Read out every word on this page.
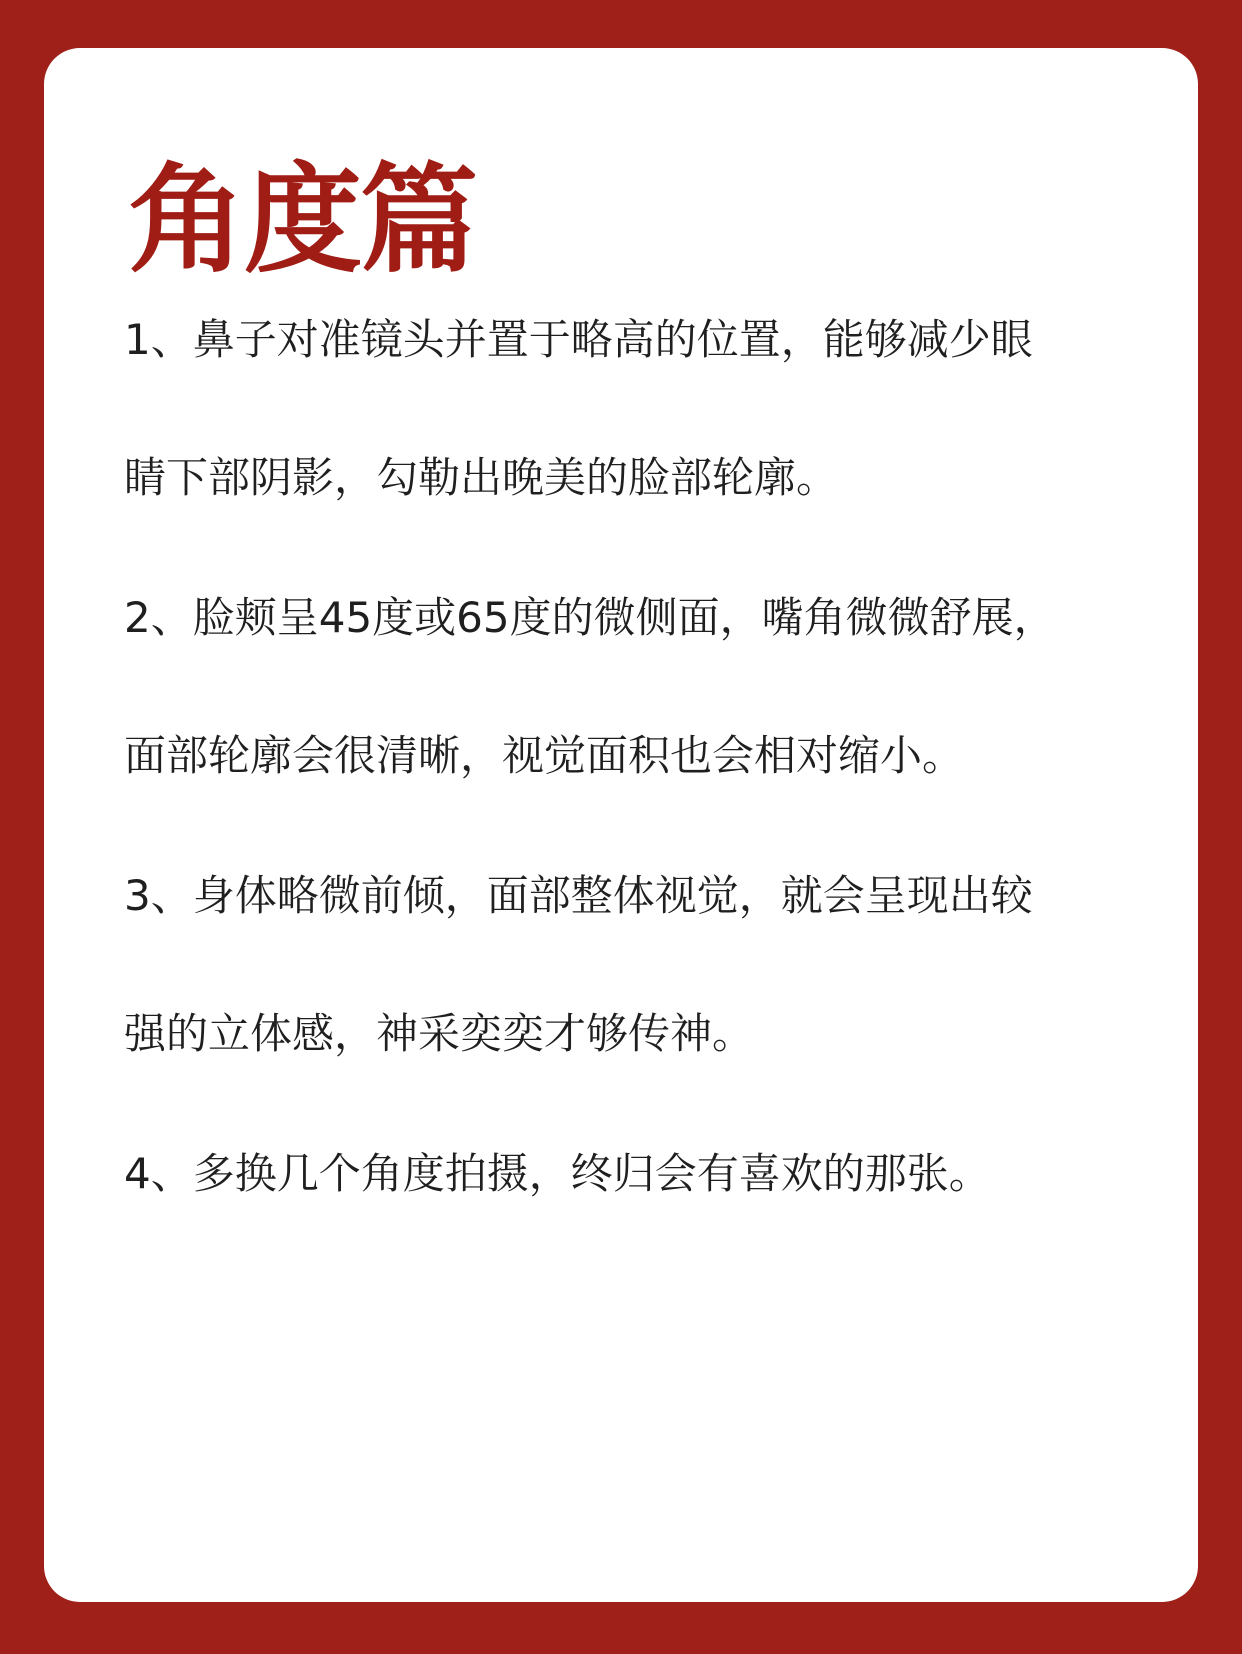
角度篇

1、鼻子对准镜头并置于略高的位置，能够减少眼

睛下部阴影，勾勒出晚美的脸部轮廓。

2、脸颊呈45度或65度的微侧面，嘴角微微舒展，

面部轮廓会很清晰，视觉面积也会相对缩小。

3、身体略微前倾，面部整体视觉，就会呈现出较

强的立体感，神采奕奕才够传神。

4、多换几个角度拍摄，终归会有喜欢的那张。
